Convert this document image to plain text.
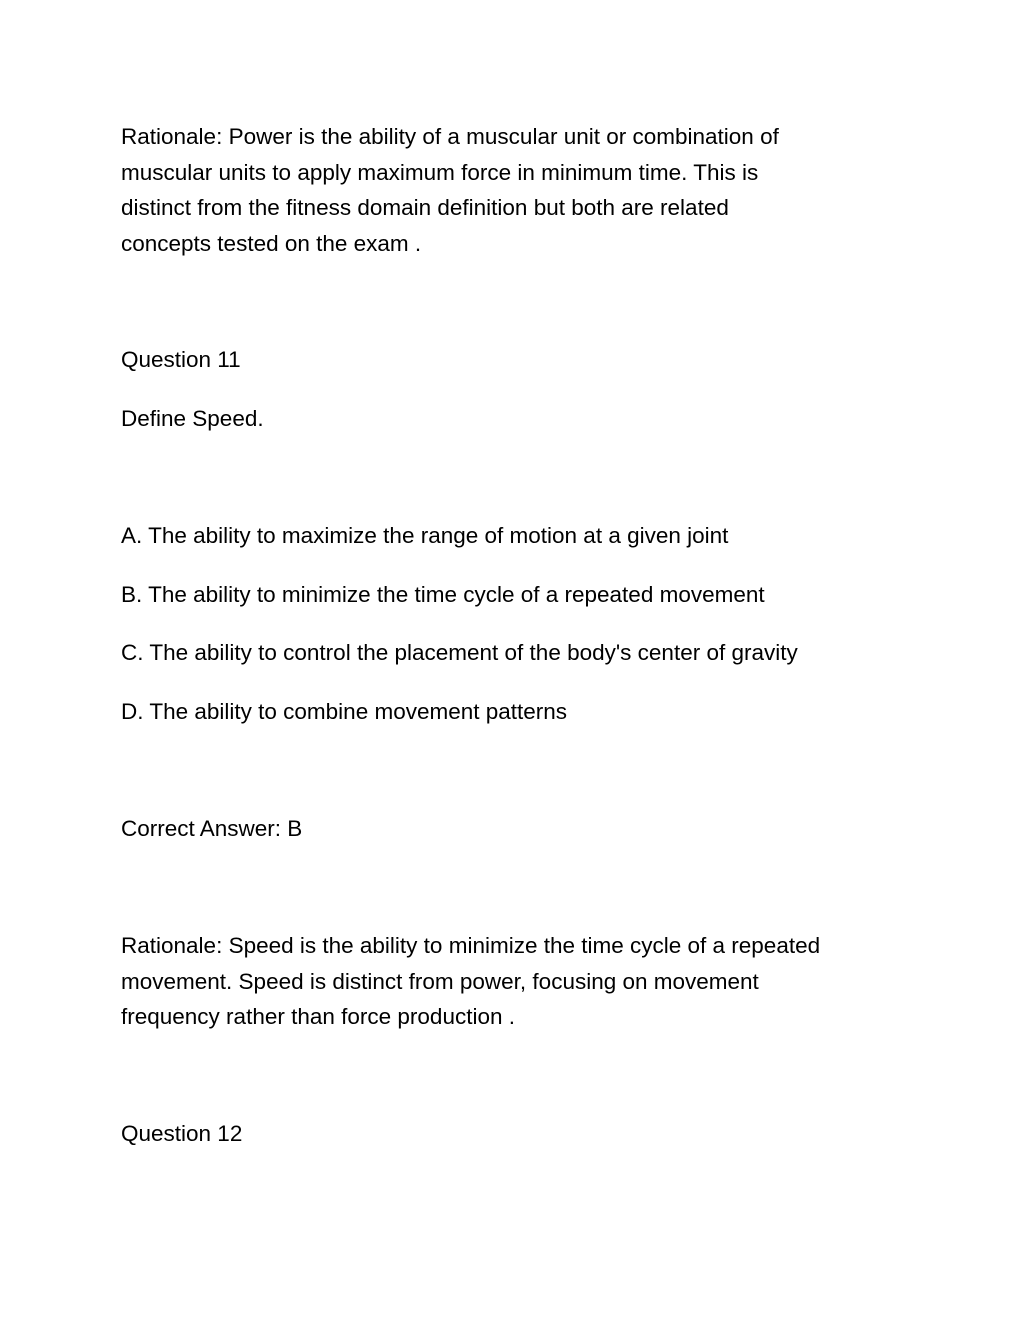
Rationale: Power is the ability of a muscular unit or combination of
muscular units to apply maximum force in minimum time. This is
distinct from the fitness domain definition but both are related
concepts tested on the exam .

Question 11

Define Speed.

A. The ability to maximize the range of motion at a given joint

B. The ability to minimize the time cycle of a repeated movement

C. The ability to control the placement of the body's center of gravity

D. The ability to combine movement patterns

Correct Answer: B

Rationale: Speed is the ability to minimize the time cycle of a repeated
movement. Speed is distinct from power, focusing on movement
frequency rather than force production .

Question 12
